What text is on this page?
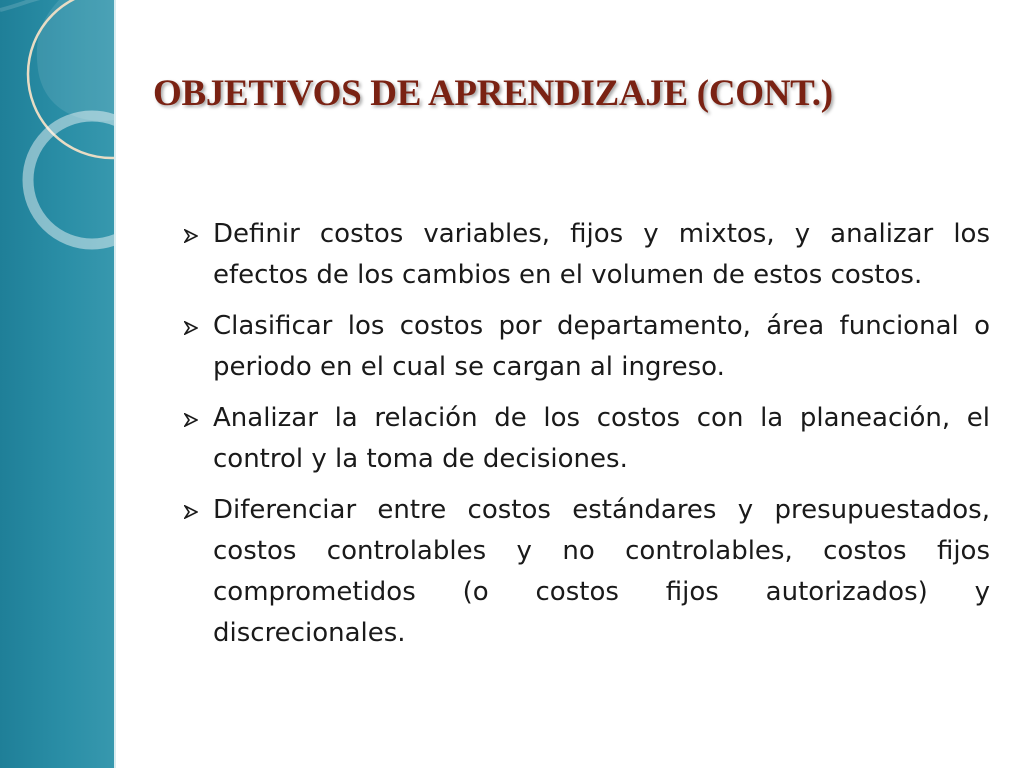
OBJETIVOS DE APRENDIZAJE (CONT.)
Definir costos variables, fijos y mixtos, y analizar los efectos de los cambios en el volumen de estos costos.
Clasificar los costos por departamento, área funcional o periodo en el cual se cargan al ingreso.
Analizar la relación de los costos con la planeación, el control y la toma de decisiones.
Diferenciar entre costos estándares y presupuestados, costos controlables y no controlables, costos fijos comprometidos (o costos fijos autorizados) y discrecionales.
